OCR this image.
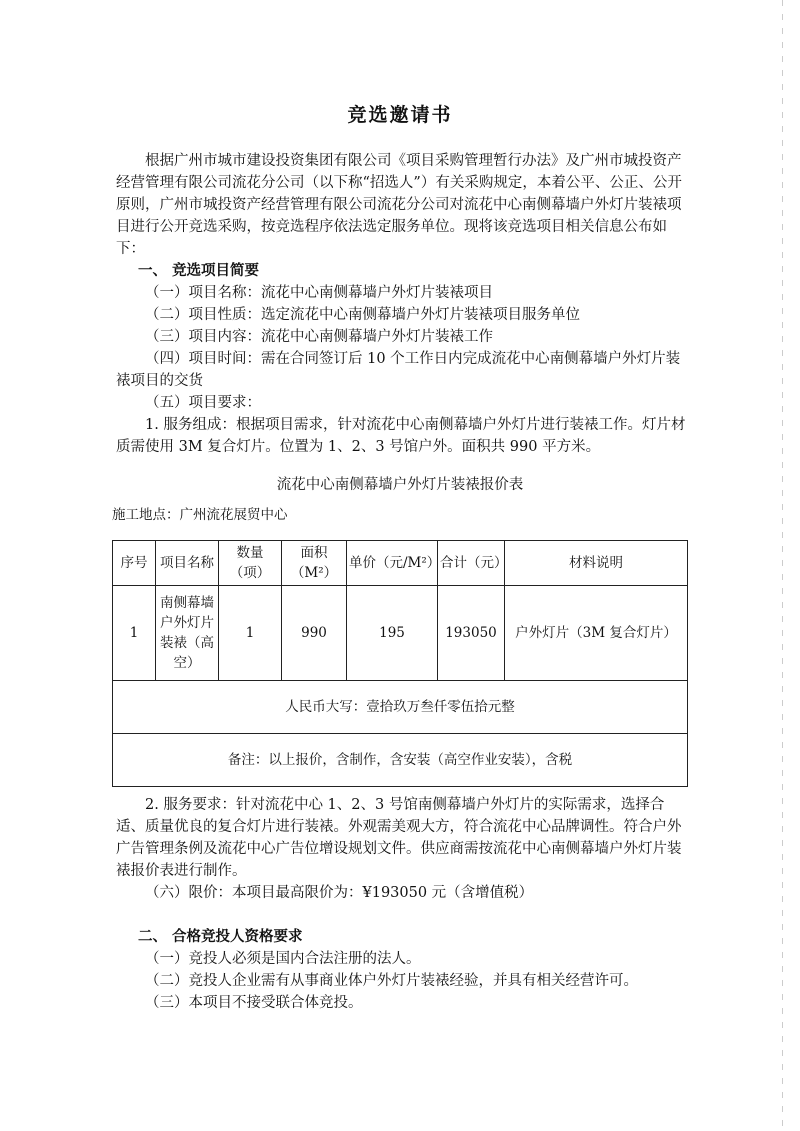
竞选邀请书

根据广州市城市建设投资集团有限公司《项目采购管理暂行办法》及广州市城投资产经营管理有限公司流花分公司（以下称“招选人”）有关采购规定，本着公平、公正、公开原则，广州市城投资产经营管理有限公司流花分公司对流花中心南侧幕墙户外灯片装裱项目进行公开竞选采购，按竞选程序依法选定服务单位。现将该竞选项目相关信息公布如下：

一、 竞选项目简要

（一）项目名称：流花中心南侧幕墙户外灯片装裱项目

（二）项目性质：选定流花中心南侧幕墙户外灯片装裱项目服务单位

（三）项目内容：流花中心南侧幕墙户外灯片装裱工作

（四）项目时间：需在合同签订后 10 个工作日内完成流花中心南侧幕墙户外灯片装裱项目的交货

（五）项目要求：

1. 服务组成：根据项目需求，针对流花中心南侧幕墙户外灯片进行装裱工作。灯片材质需使用 3M 复合灯片。位置为 1、2、3 号馆户外。面积共 990 平方米。

流花中心南侧幕墙户外灯片装裱报价表

施工地点：广州流花展贸中心

序号	项目名称	数量（项）	面积（M²）	单价（元/M²）	合计（元）	材料说明
1	南侧幕墙户外灯片装裱（高空）	1	990	195	193050	户外灯片（3M 复合灯片）
人民币大写：壹拾玖万叁仟零伍拾元整						
备注：以上报价，含制作，含安装（高空作业安装），含税						

2. 服务要求：针对流花中心 1、2、3 号馆南侧幕墙户外灯片的实际需求，选择合适、质量优良的复合灯片进行装裱。外观需美观大方，符合流花中心品牌调性。符合户外广告管理条例及流花中心广告位增设规划文件。供应商需按流花中心南侧幕墙户外灯片装裱报价表进行制作。

（六）限价：本项目最高限价为：¥193050 元（含增值税）

二、 合格竞投人资格要求

（一）竞投人必须是国内合法注册的法人。

（二）竞投人企业需有从事商业体户外灯片装裱经验，并具有相关经营许可。

（三）本项目不接受联合体竞投。
